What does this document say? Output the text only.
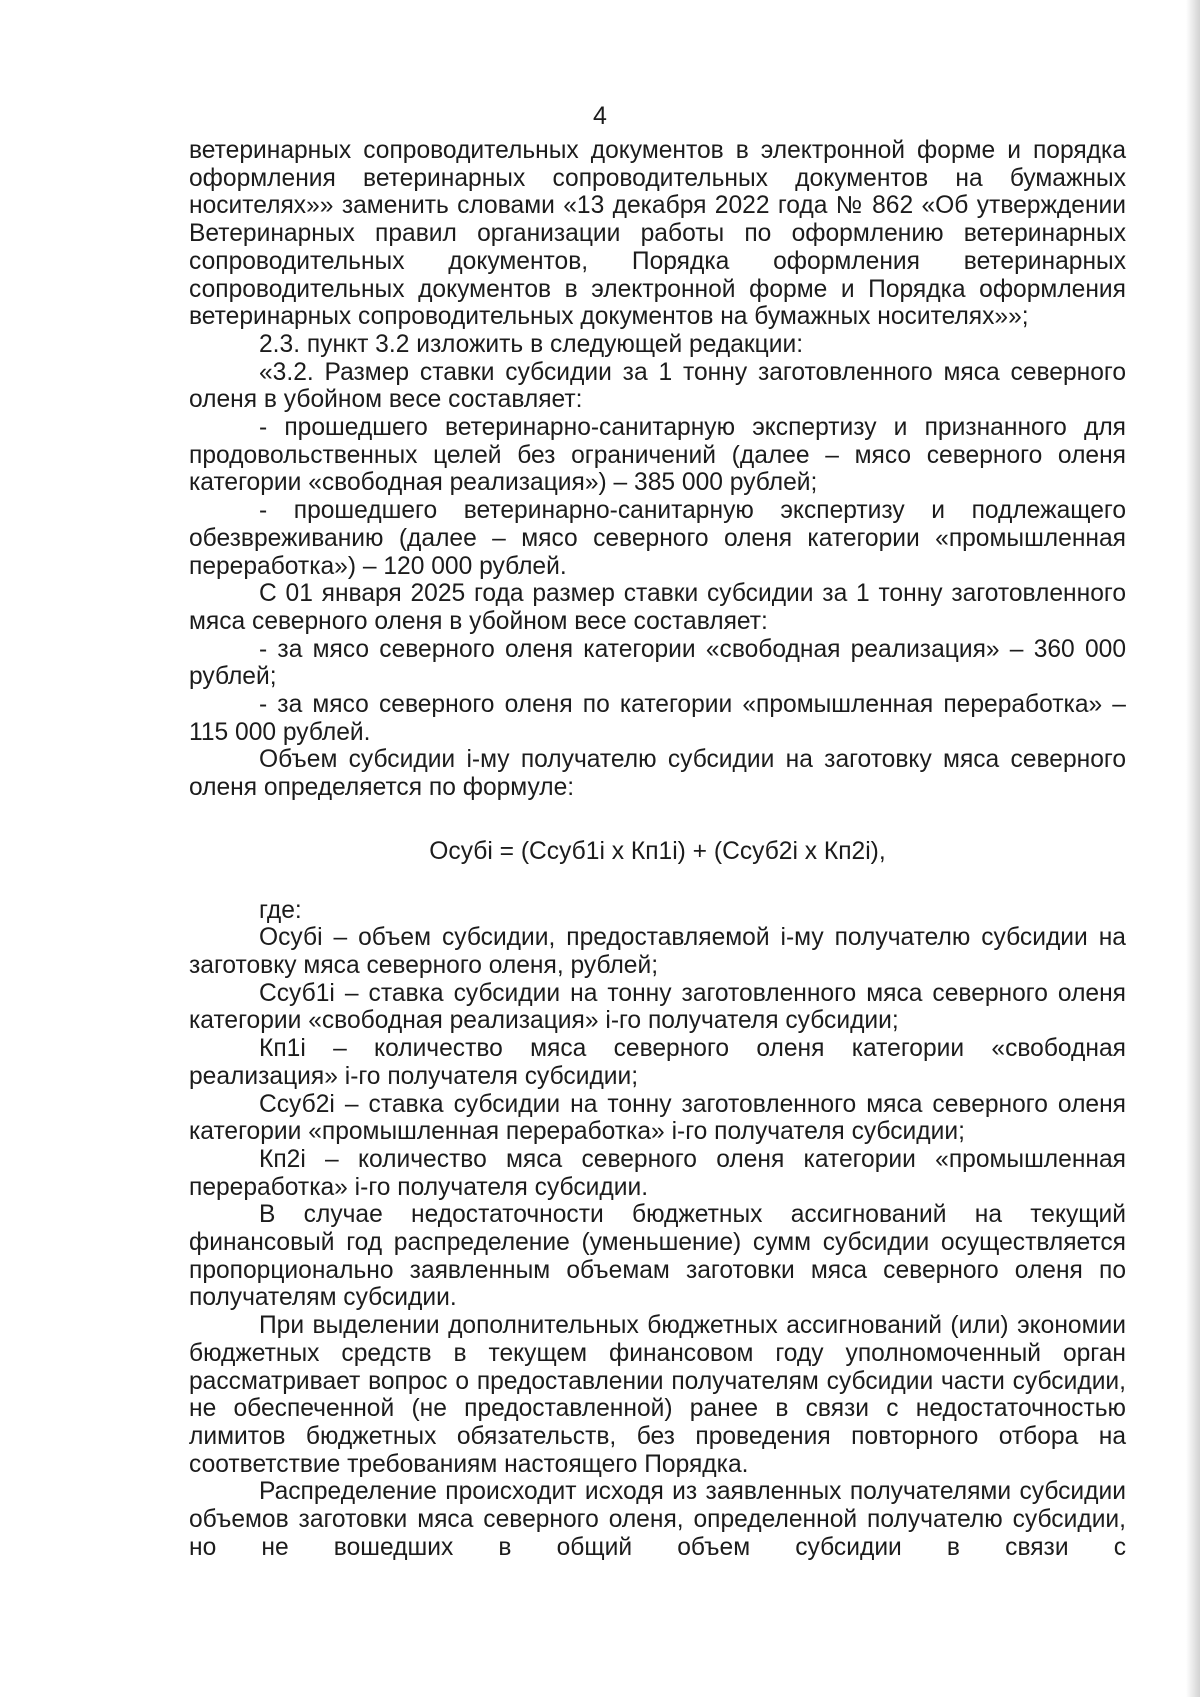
4

ветеринарных сопроводительных документов в электронной форме и порядка оформления ветеринарных сопроводительных документов на бумажных носителях»» заменить словами «13 декабря 2022 года № 862 «Об утверждении Ветеринарных правил организации работы по оформлению ветеринарных сопроводительных документов, Порядка оформления ветеринарных сопроводительных документов в электронной форме и Порядка оформления ветеринарных сопроводительных документов на бумажных носителях»»;

2.3. пункт 3.2 изложить в следующей редакции:

«3.2. Размер ставки субсидии за 1 тонну заготовленного мяса северного оленя в убойном весе составляет:

- прошедшего ветеринарно-санитарную экспертизу и признанного для продовольственных целей без ограничений (далее – мясо северного оленя категории «свободная реализация») – 385 000 рублей;

- прошедшего ветеринарно-санитарную экспертизу и подлежащего обезвреживанию (далее – мясо северного оленя категории «промышленная переработка») – 120 000 рублей.

С 01 января 2025 года размер ставки субсидии за 1 тонну заготовленного мяса северного оленя в убойном весе составляет:

- за мясо северного оленя категории «свободная реализация» – 360 000 рублей;

- за мясо северного оленя по категории «промышленная переработка» – 115 000 рублей.

Объем субсидии i-му получателю субсидии на заготовку мяса северного оленя определяется по формуле:

Осубi = (Ссуб1i х Кп1i) + (Ссуб2i х Кп2i),

где:

Осубi – объем субсидии, предоставляемой i-му получателю субсидии на заготовку мяса северного оленя, рублей;

Ссуб1i – ставка субсидии на тонну заготовленного мяса северного оленя категории «свободная реализация» i-го получателя субсидии;

Кп1i – количество мяса северного оленя категории «свободная реализация» i-го получателя субсидии;

Ссуб2i – ставка субсидии на тонну заготовленного мяса северного оленя категории «промышленная переработка» i-го получателя субсидии;

Кп2i – количество мяса северного оленя категории «промышленная переработка» i-го получателя субсидии.

В случае недостаточности бюджетных ассигнований на текущий финансовый год распределение (уменьшение) сумм субсидии осуществляется пропорционально заявленным объемам заготовки мяса северного оленя по получателям субсидии.

При выделении дополнительных бюджетных ассигнований (или) экономии бюджетных средств в текущем финансовом году уполномоченный орган рассматривает вопрос о предоставлении получателям субсидии части субсидии, не обеспеченной (не предоставленной) ранее в связи с недостаточностью лимитов бюджетных обязательств, без проведения повторного отбора на соответствие требованиям настоящего Порядка.

Распределение происходит исходя из заявленных получателями субсидии объемов заготовки мяса северного оленя, определенной получателю субсидии, но не вошедших в общий объем субсидии в связи с
